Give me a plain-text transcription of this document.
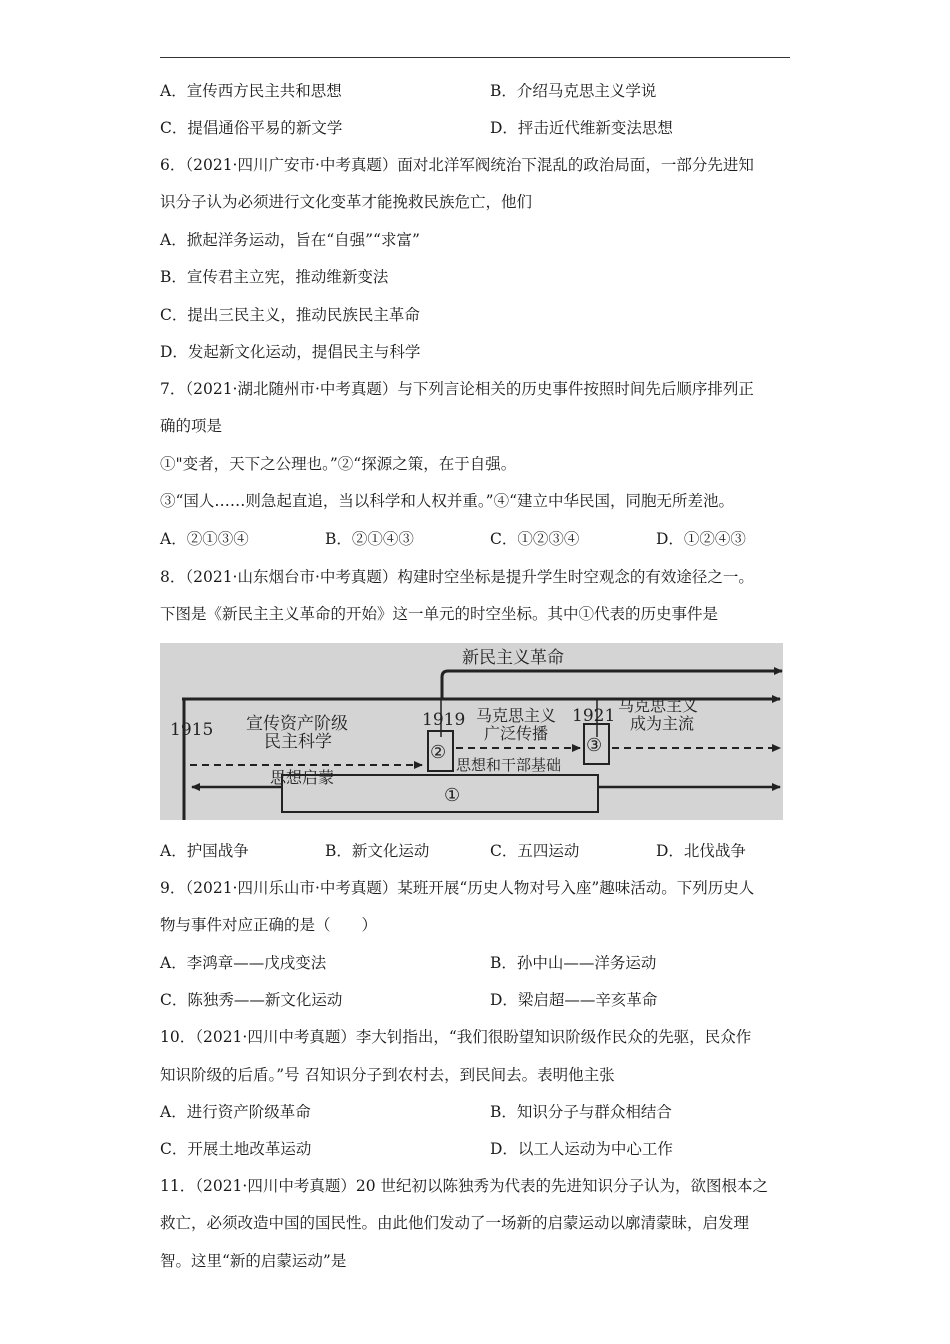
A．宣传西方民主共和思想	B．介绍马克思主义学说
C．提倡通俗平易的新文学	D．抨击近代维新变法思想
6．（2021·四川广安市·中考真题）面对北洋军阀统治下混乱的政治局面，一部分先进知
识分子认为必须进行文化变革才能挽救民族危亡，他们
A．掀起洋务运动，旨在“自强”“求富”
B．宣传君主立宪，推动维新变法
C．提出三民主义，推动民族民主革命
D．发起新文化运动，提倡民主与科学
7．（2021·湖北随州市·中考真题）与下列言论相关的历史事件按照时间先后顺序排列正
确的项是
①"变者，天下之公理也。”②“探源之策，在于自强。
③“国人……则急起直追，当以科学和人权并重。”④“建立中华民国，同胞无所差池。
A．②①③④	B．②①④③	C．①②③④	D．①②④③
8．（2021·山东烟台市·中考真题）构建时空坐标是提升学生时空观念的有效途径之一。
下图是《新民主主义革命的开始》这一单元的时空坐标。其中①代表的历史事件是
新民主义革命
1915	1919	1921
宣传资产阶级
民主科学
思想启蒙
马克思主义
广泛传播
思想和干部基础
马克思主义
成为主流
②	③
①
A．护国战争	B．新文化运动	C．五四运动	D．北伐战争
9．（2021·四川乐山市·中考真题）某班开展“历史人物对号入座”趣味活动。下列历史人
物与事件对应正确的是（　　）
A．李鸿章——戊戌变法	B．孙中山——洋务运动
C．陈独秀——新文化运动	D．梁启超——辛亥革命
10．（2021·四川中考真题）李大钊指出，“我们很盼望知识阶级作民众的先驱，民众作
知识阶级的后盾。”号 召知识分子到农村去，到民间去。表明他主张
A．进行资产阶级革命	B．知识分子与群众相结合
C．开展土地改革运动	D．以工人运动为中心工作
11．（2021·四川中考真题）20 世纪初以陈独秀为代表的先进知识分子认为，欲图根本之
救亡，必须改造中国的国民性。由此他们发动了一场新的启蒙运动以廓清蒙昧，启发理
智。这里“新的启蒙运动”是
